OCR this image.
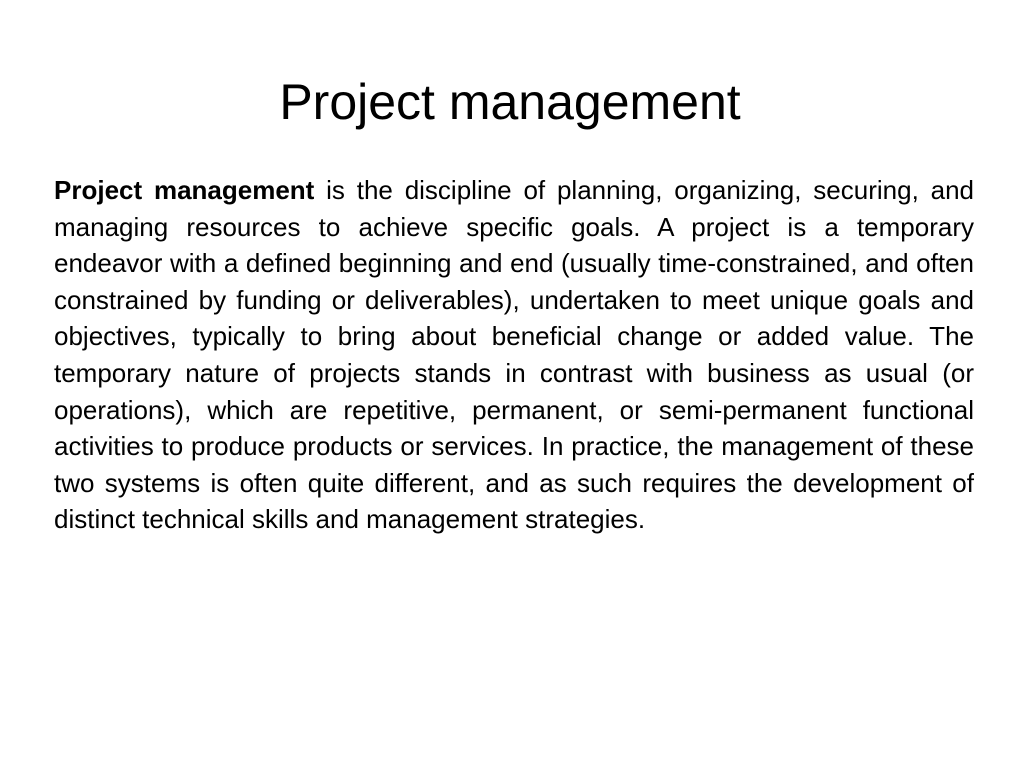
Project management

Project management is the discipline of planning, organizing, securing, and managing resources to achieve specific goals. A project is a temporary endeavor with a defined beginning and end (usually time-constrained, and often constrained by funding or deliverables), undertaken to meet unique goals and objectives, typically to bring about beneficial change or added value. The temporary nature of projects stands in contrast with business as usual (or operations), which are repetitive, permanent, or semi-permanent functional activities to produce products or services. In practice, the management of these two systems is often quite different, and as such requires the development of distinct technical skills and management strategies.
